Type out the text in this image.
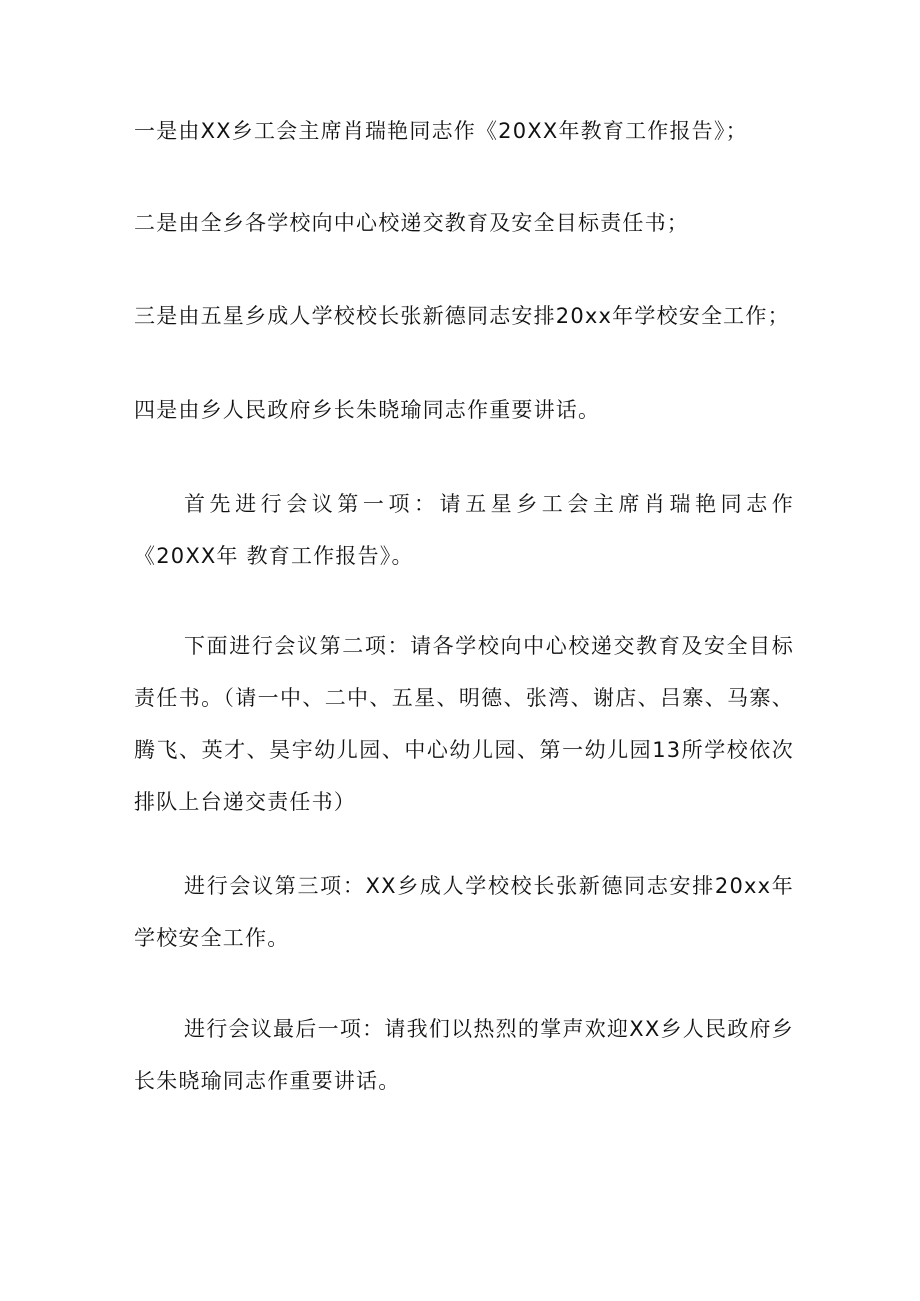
一是由XX乡工会主席肖瑞艳同志作《20XX年教育工作报告》；
二是由全乡各学校向中心校递交教育及安全目标责任书；
三是由五星乡成人学校校长张新德同志安排20xx年学校安全工作；
四是由乡人民政府乡长朱晓瑜同志作重要讲话。
首先进行会议第一项：请五星乡工会主席肖瑞艳同志作《20XX年 教育工作报告》。
下面进行会议第二项：请各学校向中心校递交教育及安全目标责任书。（请一中、二中、五星、明德、张湾、谢店、吕寨、马寨、腾飞、英才、昊宇幼儿园、中心幼儿园、第一幼儿园13所学校依次排队上台递交责任书）
进行会议第三项：XX乡成人学校校长张新德同志安排20xx年学校安全工作。
进行会议最后一项：请我们以热烈的掌声欢迎XX乡人民政府乡长朱晓瑜同志作重要讲话。
